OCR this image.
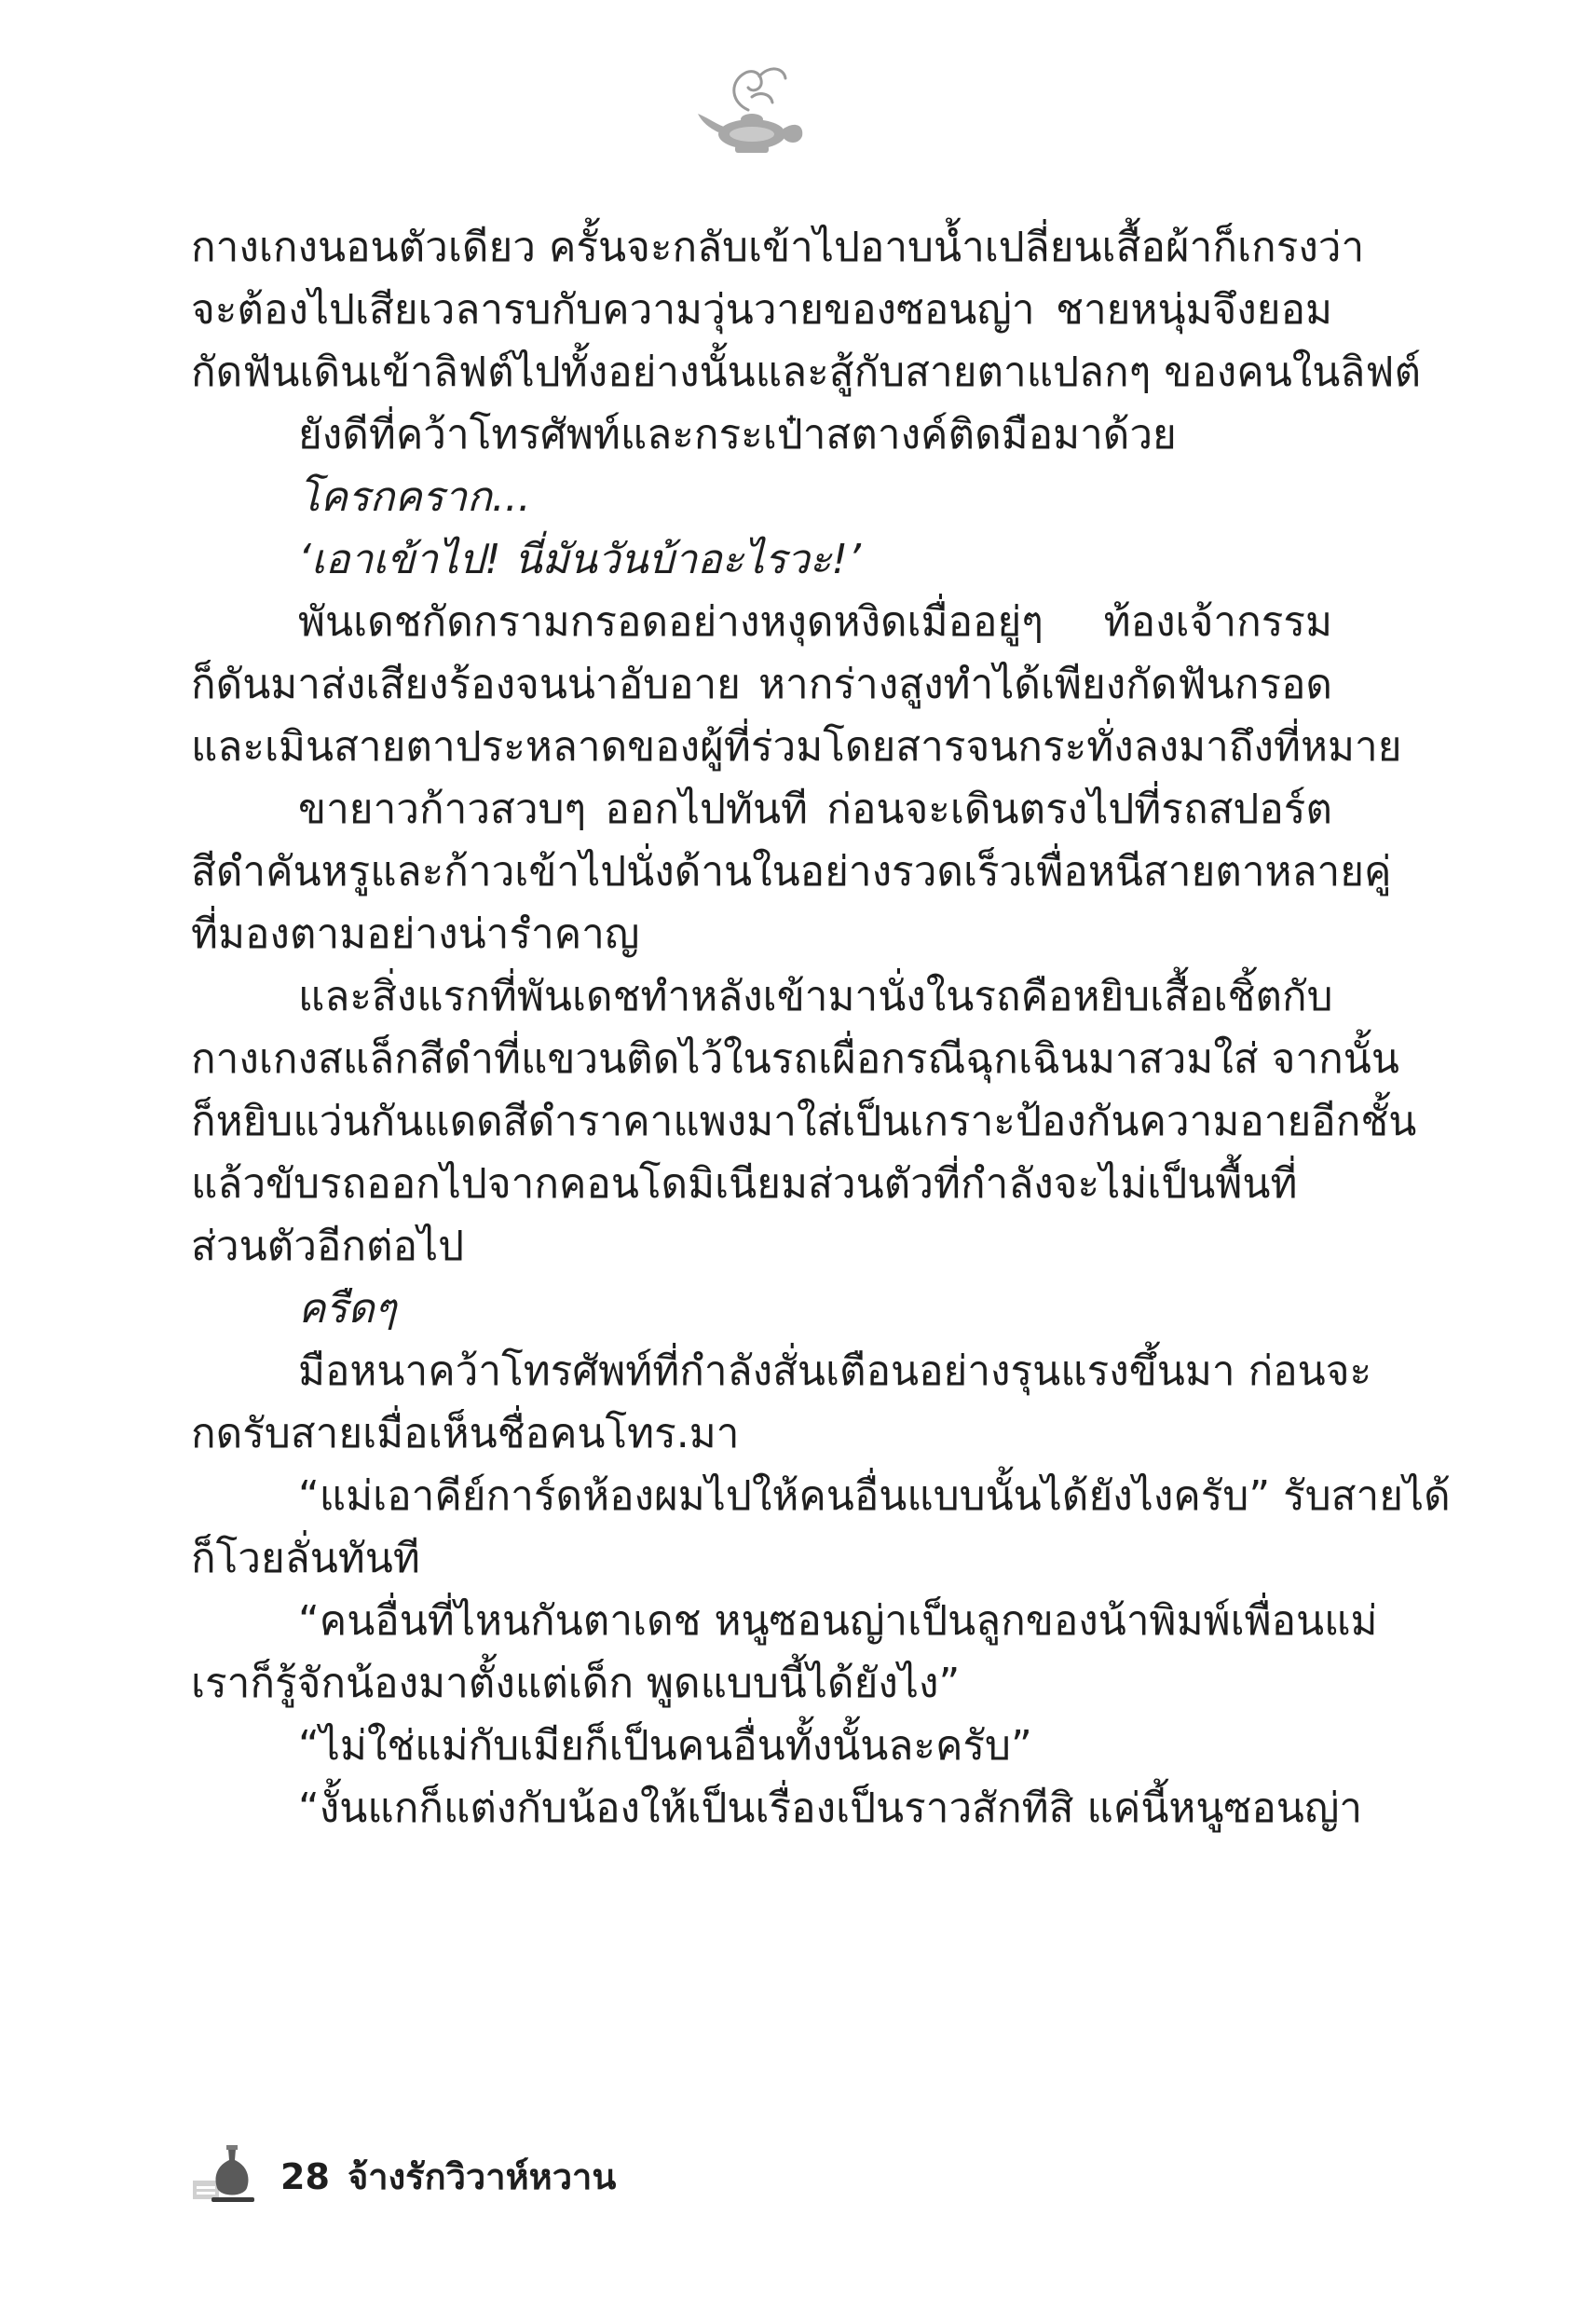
กางเกงนอนตัวเดียว ครั้นจะกลับเข้าไปอาบน้ำเปลี่ยนเสื้อผ้าก็เกรงว่า
จะต้องไปเสียเวลารบกับความวุ่นวายของซอนญ่า ชายหนุ่มจึงยอม
กัดฟันเดินเข้าลิฟต์ไปทั้งอย่างนั้นและสู้กับสายตาแปลกๆ ของคนในลิฟต์
ยังดีที่คว้าโทรศัพท์และกระเป๋าสตางค์ติดมือมาด้วย
โครกคราก...
‘เอาเข้าไป! นี่มันวันบ้าอะไรวะ!’
พันเดชกัดกรามกรอดอย่างหงุดหงิดเมื่ออยู่ๆ ท้องเจ้ากรรม
ก็ดันมาส่งเสียงร้องจนน่าอับอาย หากร่างสูงทำได้เพียงกัดฟันกรอด
และเมินสายตาประหลาดของผู้ที่ร่วมโดยสารจนกระทั่งลงมาถึงที่หมาย
ขายาวก้าวสวบๆ ออกไปทันที ก่อนจะเดินตรงไปที่รถสปอร์ต
สีดำคันหรูและก้าวเข้าไปนั่งด้านในอย่างรวดเร็วเพื่อหนีสายตาหลายคู่
ที่มองตามอย่างน่ารำคาญ
และสิ่งแรกที่พันเดชทำหลังเข้ามานั่งในรถคือหยิบเสื้อเชิ้ตกับ
กางเกงสแล็กสีดำที่แขวนติดไว้ในรถเผื่อกรณีฉุกเฉินมาสวมใส่ จากนั้น
ก็หยิบแว่นกันแดดสีดำราคาแพงมาใส่เป็นเกราะป้องกันความอายอีกชั้น
แล้วขับรถออกไปจากคอนโดมิเนียมส่วนตัวที่กำลังจะไม่เป็นพื้นที่
ส่วนตัวอีกต่อไป
ครืดๆ
มือหนาคว้าโทรศัพท์ที่กำลังสั่นเตือนอย่างรุนแรงขึ้นมา ก่อนจะ
กดรับสายเมื่อเห็นชื่อคนโทร.มา
“แม่เอาคีย์การ์ดห้องผมไปให้คนอื่นแบบนั้นได้ยังไงครับ” รับสายได้
ก็โวยลั่นทันที
“คนอื่นที่ไหนกันตาเดช หนูซอนญ่าเป็นลูกของน้าพิมพ์เพื่อนแม่
เราก็รู้จักน้องมาตั้งแต่เด็ก พูดแบบนี้ได้ยังไง”
“ไม่ใช่แม่กับเมียก็เป็นคนอื่นทั้งนั้นละครับ”
“งั้นแกก็แต่งกับน้องให้เป็นเรื่องเป็นราวสักทีสิ แค่นี้หนูซอนญ่า
28 จ้างรักวิวาห์หวาน
